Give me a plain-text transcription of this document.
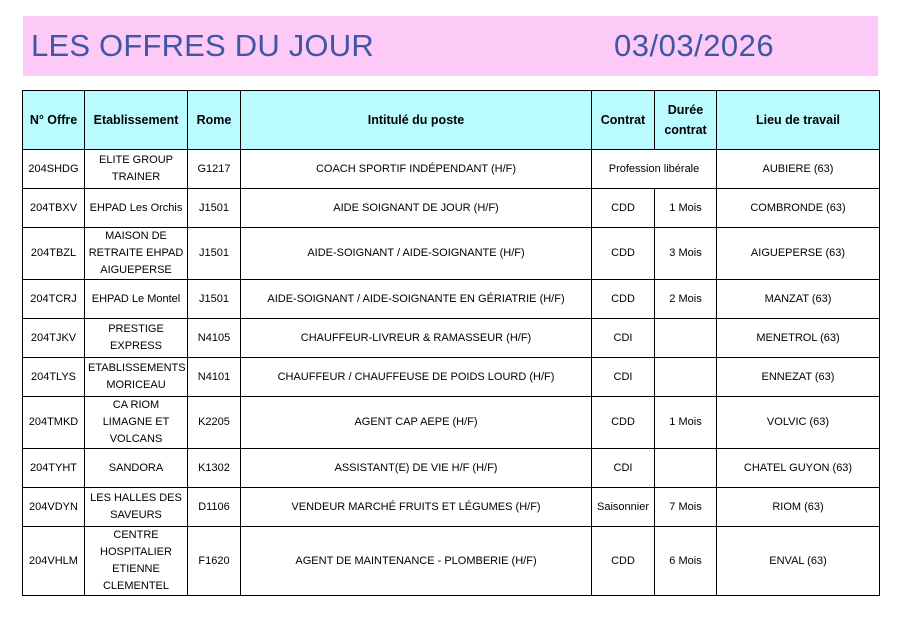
LES OFFRES DU JOUR	03/03/2026
N° Offre	Etablissement	Rome	Intitulé du poste	Contrat	Durée contrat	Lieu de travail
204SHDG	ELITE GROUP TRAINER	G1217	COACH SPORTIF INDÉPENDANT (H/F)	Profession libérale		AUBIERE (63)
204TBXV	EHPAD Les Orchis	J1501	AIDE SOIGNANT DE JOUR (H/F)	CDD	1 Mois	COMBRONDE (63)
204TBZL	MAISON DE RETRAITE EHPAD AIGUEPERSE	J1501	AIDE-SOIGNANT / AIDE-SOIGNANTE (H/F)	CDD	3 Mois	AIGUEPERSE (63)
204TCRJ	EHPAD Le Montel	J1501	AIDE-SOIGNANT / AIDE-SOIGNANTE EN GÉRIATRIE (H/F)	CDD	2 Mois	MANZAT (63)
204TJKV	PRESTIGE EXPRESS	N4105	CHAUFFEUR-LIVREUR & RAMASSEUR (H/F)	CDI		MENETROL (63)
204TLYS	ETABLISSEMENTS MORICEAU	N4101	CHAUFFEUR / CHAUFFEUSE DE POIDS LOURD (H/F)	CDI		ENNEZAT (63)
204TMKD	CA RIOM LIMAGNE ET VOLCANS	K2205	AGENT CAP AEPE (H/F)	CDD	1 Mois	VOLVIC (63)
204TYHT	SANDORA	K1302	ASSISTANT(E) DE VIE H/F (H/F)	CDI		CHATEL GUYON (63)
204VDYN	LES HALLES DES SAVEURS	D1106	VENDEUR MARCHÉ FRUITS ET LÉGUMES (H/F)	Saisonnier	7 Mois	RIOM (63)
204VHLM	CENTRE HOSPITALIER ETIENNE CLEMENTEL	F1620	AGENT DE MAINTENANCE - PLOMBERIE (H/F)	CDD	6 Mois	ENVAL (63)
